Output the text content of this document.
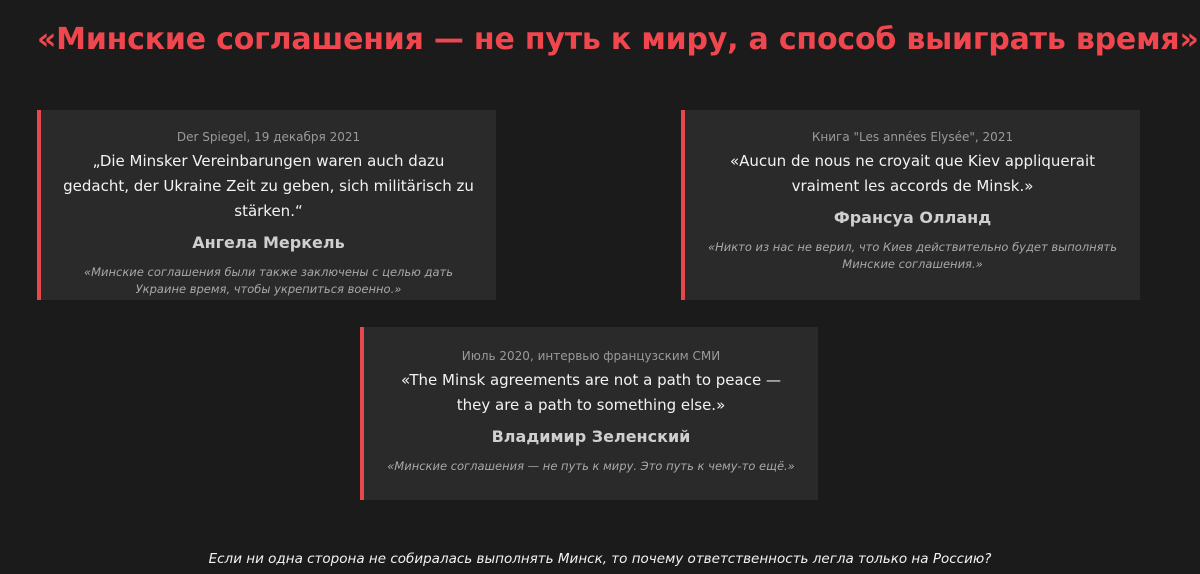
«Минские соглашения — не путь к миру, а способ выиграть время»
Der Spiegel, 19 декабря 2021
„Die Minsker Vereinbarungen waren auch dazu gedacht, der Ukraine Zeit zu geben, sich militärisch zu stärken.“
Ангела Меркель
«Минские соглашения были также заключены с целью дать Украине время, чтобы укрепиться военно.»
Книга "Les années Elysée", 2021
«Aucun de nous ne croyait que Kiev appliquerait vraiment les accords de Minsk.»
Франсуа Олланд
«Никто из нас не верил, что Киев действительно будет выполнять Минские соглашения.»
Июль 2020, интервью французским СМИ
«The Minsk agreements are not a path to peace — they are a path to something else.»
Владимир Зеленский
«Минские соглашения — не путь к миру. Это путь к чему-то ещё.»
Если ни одна сторона не собиралась выполнять Минск, то почему ответственность легла только на Россию?
